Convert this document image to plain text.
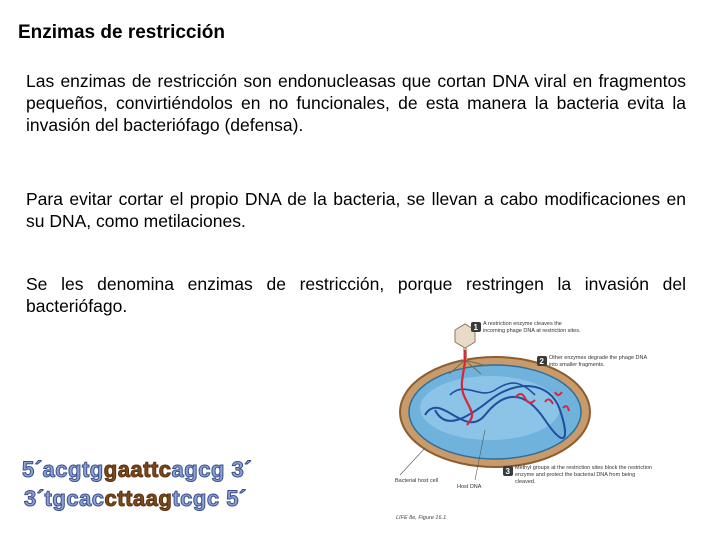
Enzimas de restricción
Las enzimas de restricción son endonucleasas que cortan DNA viral en fragmentos pequeños, convirtiéndolos en no funcionales, de esta manera la bacteria evita la invasión del bacteriófago (defensa).
Para evitar cortar el propio DNA de la bacteria, se llevan a cabo modificaciones en su DNA, como metilaciones.
Se les denomina enzimas de restricción, porque restringen la invasión del bacteriófago.
5´acgtggaattcagcg 3´
3´tgcaccttaagtcgc 5´
Bacterial host cell
Host DNA
1 A restriction enzyme cleaves the incoming phage DNA at restriction sites.
2 Other enzymes degrade the phage DNA into smaller fragments.
3 Methyl groups at the restriction sites block the restriction enzyme and protect the bacterial DNA from being cleaved.
LIFE 8e, Figure 16.1
